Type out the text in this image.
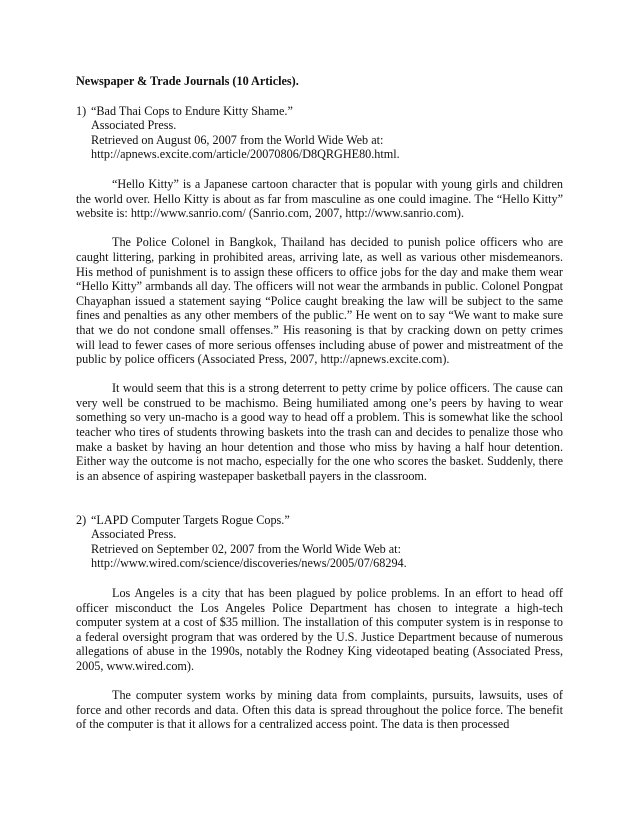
Newspaper & Trade Journals (10 Articles).
1) “Bad Thai Cops to Endure Kitty Shame.”
Associated Press.
Retrieved on August 06, 2007 from the World Wide Web at:
http://apnews.excite.com/article/20070806/D8QRGHE80.html.

“Hello Kitty” is a Japanese cartoon character that is popular with young girls and children the world over. Hello Kitty is about as far from masculine as one could imagine. The “Hello Kitty” website is: http://www.sanrio.com/ (Sanrio.com, 2007, http://www.sanrio.com).

The Police Colonel in Bangkok, Thailand has decided to punish police officers who are caught littering, parking in prohibited areas, arriving late, as well as various other misdemeanors. His method of punishment is to assign these officers to office jobs for the day and make them wear “Hello Kitty” armbands all day. The officers will not wear the armbands in public. Colonel Pongpat Chayaphan issued a statement saying “Police caught breaking the law will be subject to the same fines and penalties as any other members of the public.” He went on to say “We want to make sure that we do not condone small offenses.” His reasoning is that by cracking down on petty crimes will lead to fewer cases of more serious offenses including abuse of power and mistreatment of the public by police officers (Associated Press, 2007, http://apnews.excite.com).

It would seem that this is a strong deterrent to petty crime by police officers. The cause can very well be construed to be machismo. Being humiliated among one’s peers by having to wear something so very un-macho is a good way to head off a problem. This is somewhat like the school teacher who tires of students throwing baskets into the trash can and decides to penalize those who make a basket by having an hour detention and those who miss by having a half hour detention. Either way the outcome is not macho, especially for the one who scores the basket. Suddenly, there is an absence of aspiring wastepaper basketball payers in the classroom.

2) “LAPD Computer Targets Rogue Cops.”
Associated Press.
Retrieved on September 02, 2007 from the World Wide Web at:
http://www.wired.com/science/discoveries/news/2005/07/68294.

Los Angeles is a city that has been plagued by police problems. In an effort to head off officer misconduct the Los Angeles Police Department has chosen to integrate a high-tech computer system at a cost of $35 million. The installation of this computer system is in response to a federal oversight program that was ordered by the U.S. Justice Department because of numerous allegations of abuse in the 1990s, notably the Rodney King videotaped beating (Associated Press, 2005, www.wired.com).

The computer system works by mining data from complaints, pursuits, lawsuits, uses of force and other records and data. Often this data is spread throughout the police force. The benefit of the computer is that it allows for a centralized access point. The data is then processed
